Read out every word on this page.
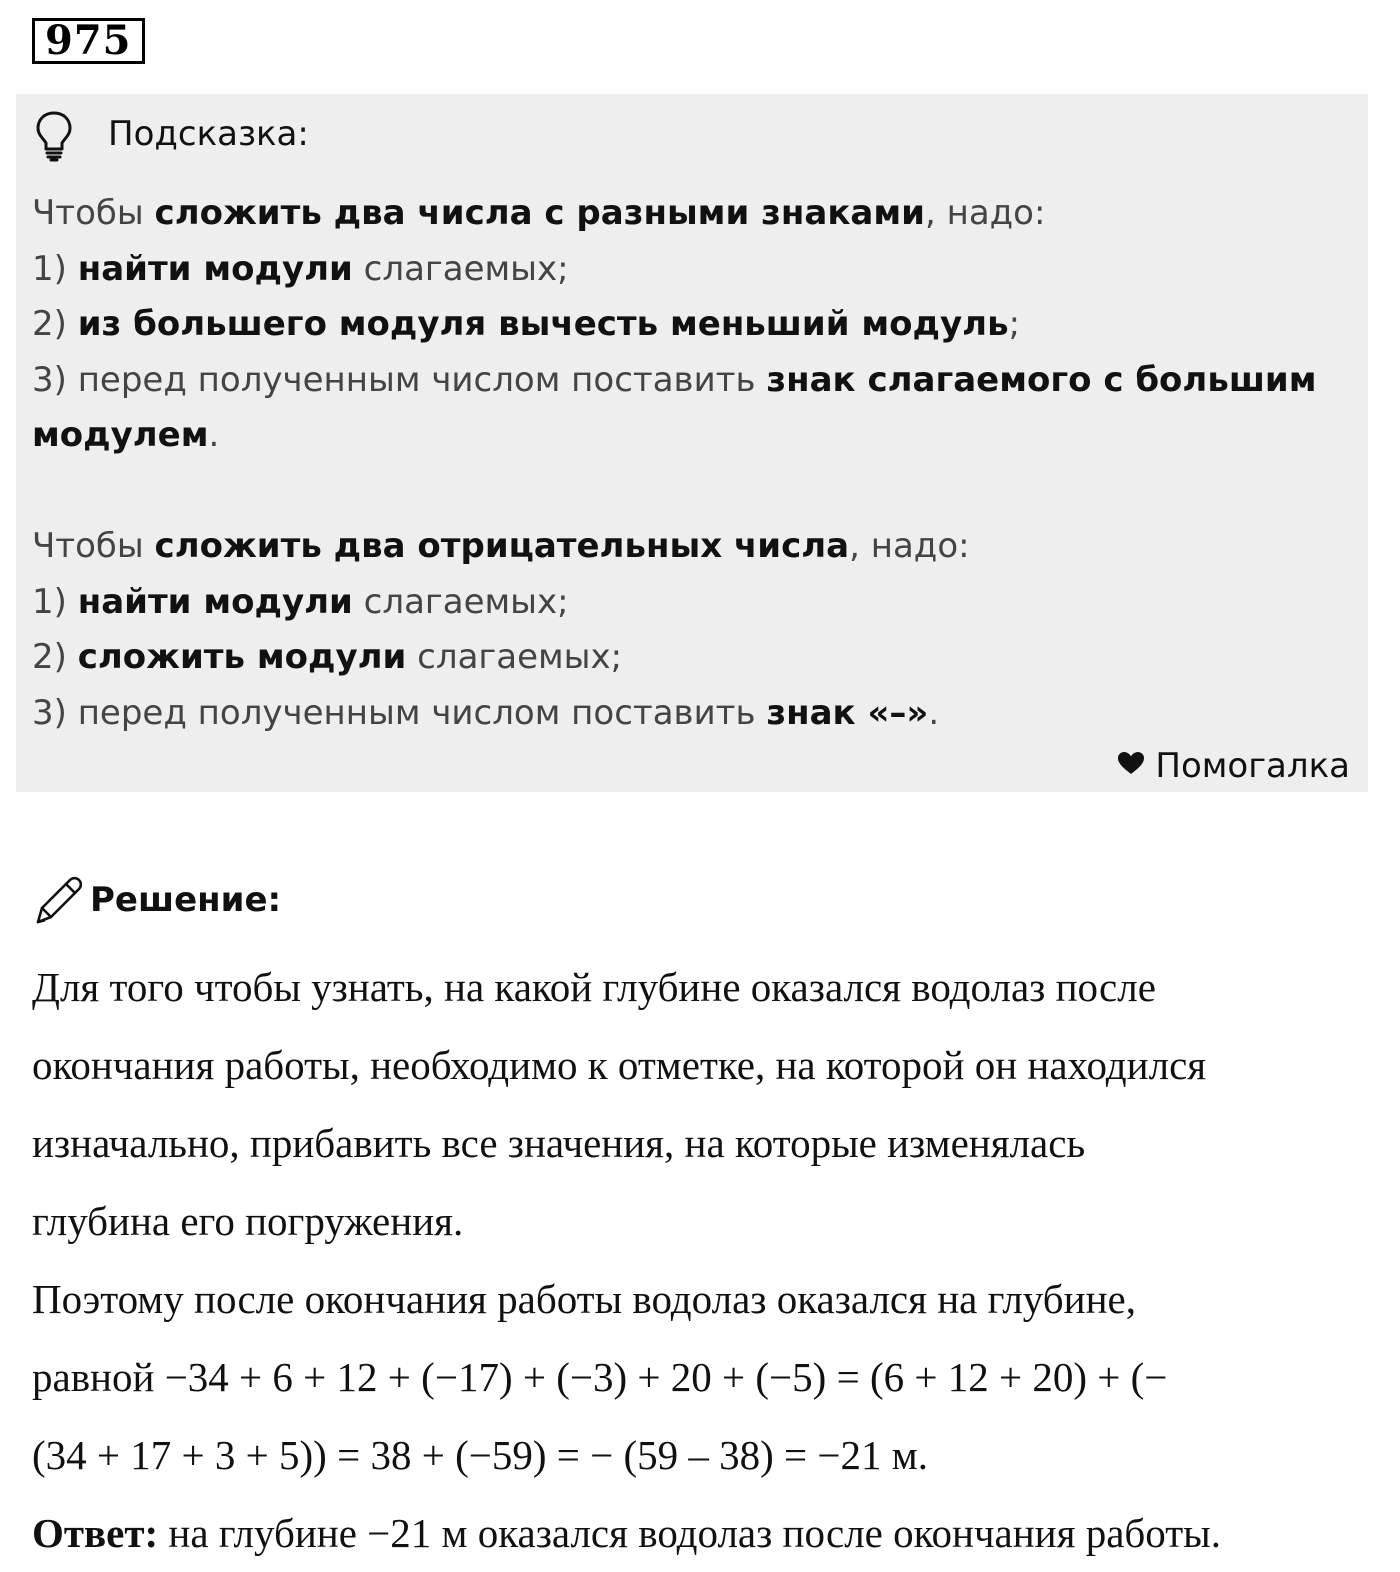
975
Подсказка:
Чтобы сложить два числа с разными знаками, надо:
1) найти модули слагаемых;
2) из большего модуля вычесть меньший модуль;
3) перед полученным числом поставить знак слагаемого с большим
модулем.
Чтобы сложить два отрицательных числа, надо:
1) найти модули слагаемых;
2) сложить модули слагаемых;
3) перед полученным числом поставить знак «–».
Помогалка
Решение:
Для того чтобы узнать, на какой глубине оказался водолаз после
окончания работы, необходимо к отметке, на которой он находился
изначально, прибавить все значения, на которые изменялась
глубина его погружения.
Поэтому после окончания работы водолаз оказался на глубине,
равной −34 + 6 + 12 + (−17) + (−3) + 20 + (−5) = (6 + 12 + 20) + (−
(34 + 17 + 3 + 5)) = 38 + (−59) = − (59 – 38) = −21 м.
Ответ: на глубине −21 м оказался водолаз после окончания работы.
